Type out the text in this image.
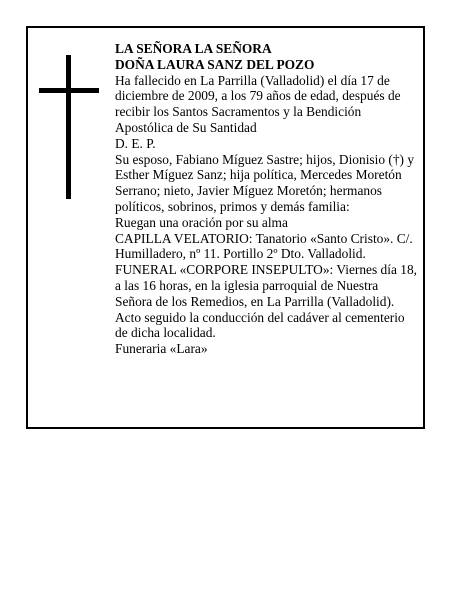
LA SEÑORA LA SEÑORA
DOÑA LAURA SANZ DEL POZO
Ha fallecido en La Parrilla (Valladolid) el día 17 de
diciembre de 2009, a los 79 años de edad, después de
recibir los Santos Sacramentos y la Bendición
Apostólica de Su Santidad
D. E. P.
Su esposo, Fabiano Míguez Sastre; hijos, Dionisio (†) y
Esther Míguez Sanz; hija política, Mercedes Moretón
Serrano; nieto, Javier Míguez Moretón; hermanos
políticos, sobrinos, primos y demás familia:
Ruegan una oración por su alma
CAPILLA VELATORIO: Tanatorio «Santo Cristo». C/.
Humilladero, nº 11. Portillo 2º Dto. Valladolid.
FUNERAL «CORPORE INSEPULTO»: Viernes día 18,
a las 16 horas, en la iglesia parroquial de Nuestra
Señora de los Remedios, en La Parrilla (Valladolid).
Acto seguido la conducción del cadáver al cementerio
de dicha localidad.
Funeraria «Lara»
